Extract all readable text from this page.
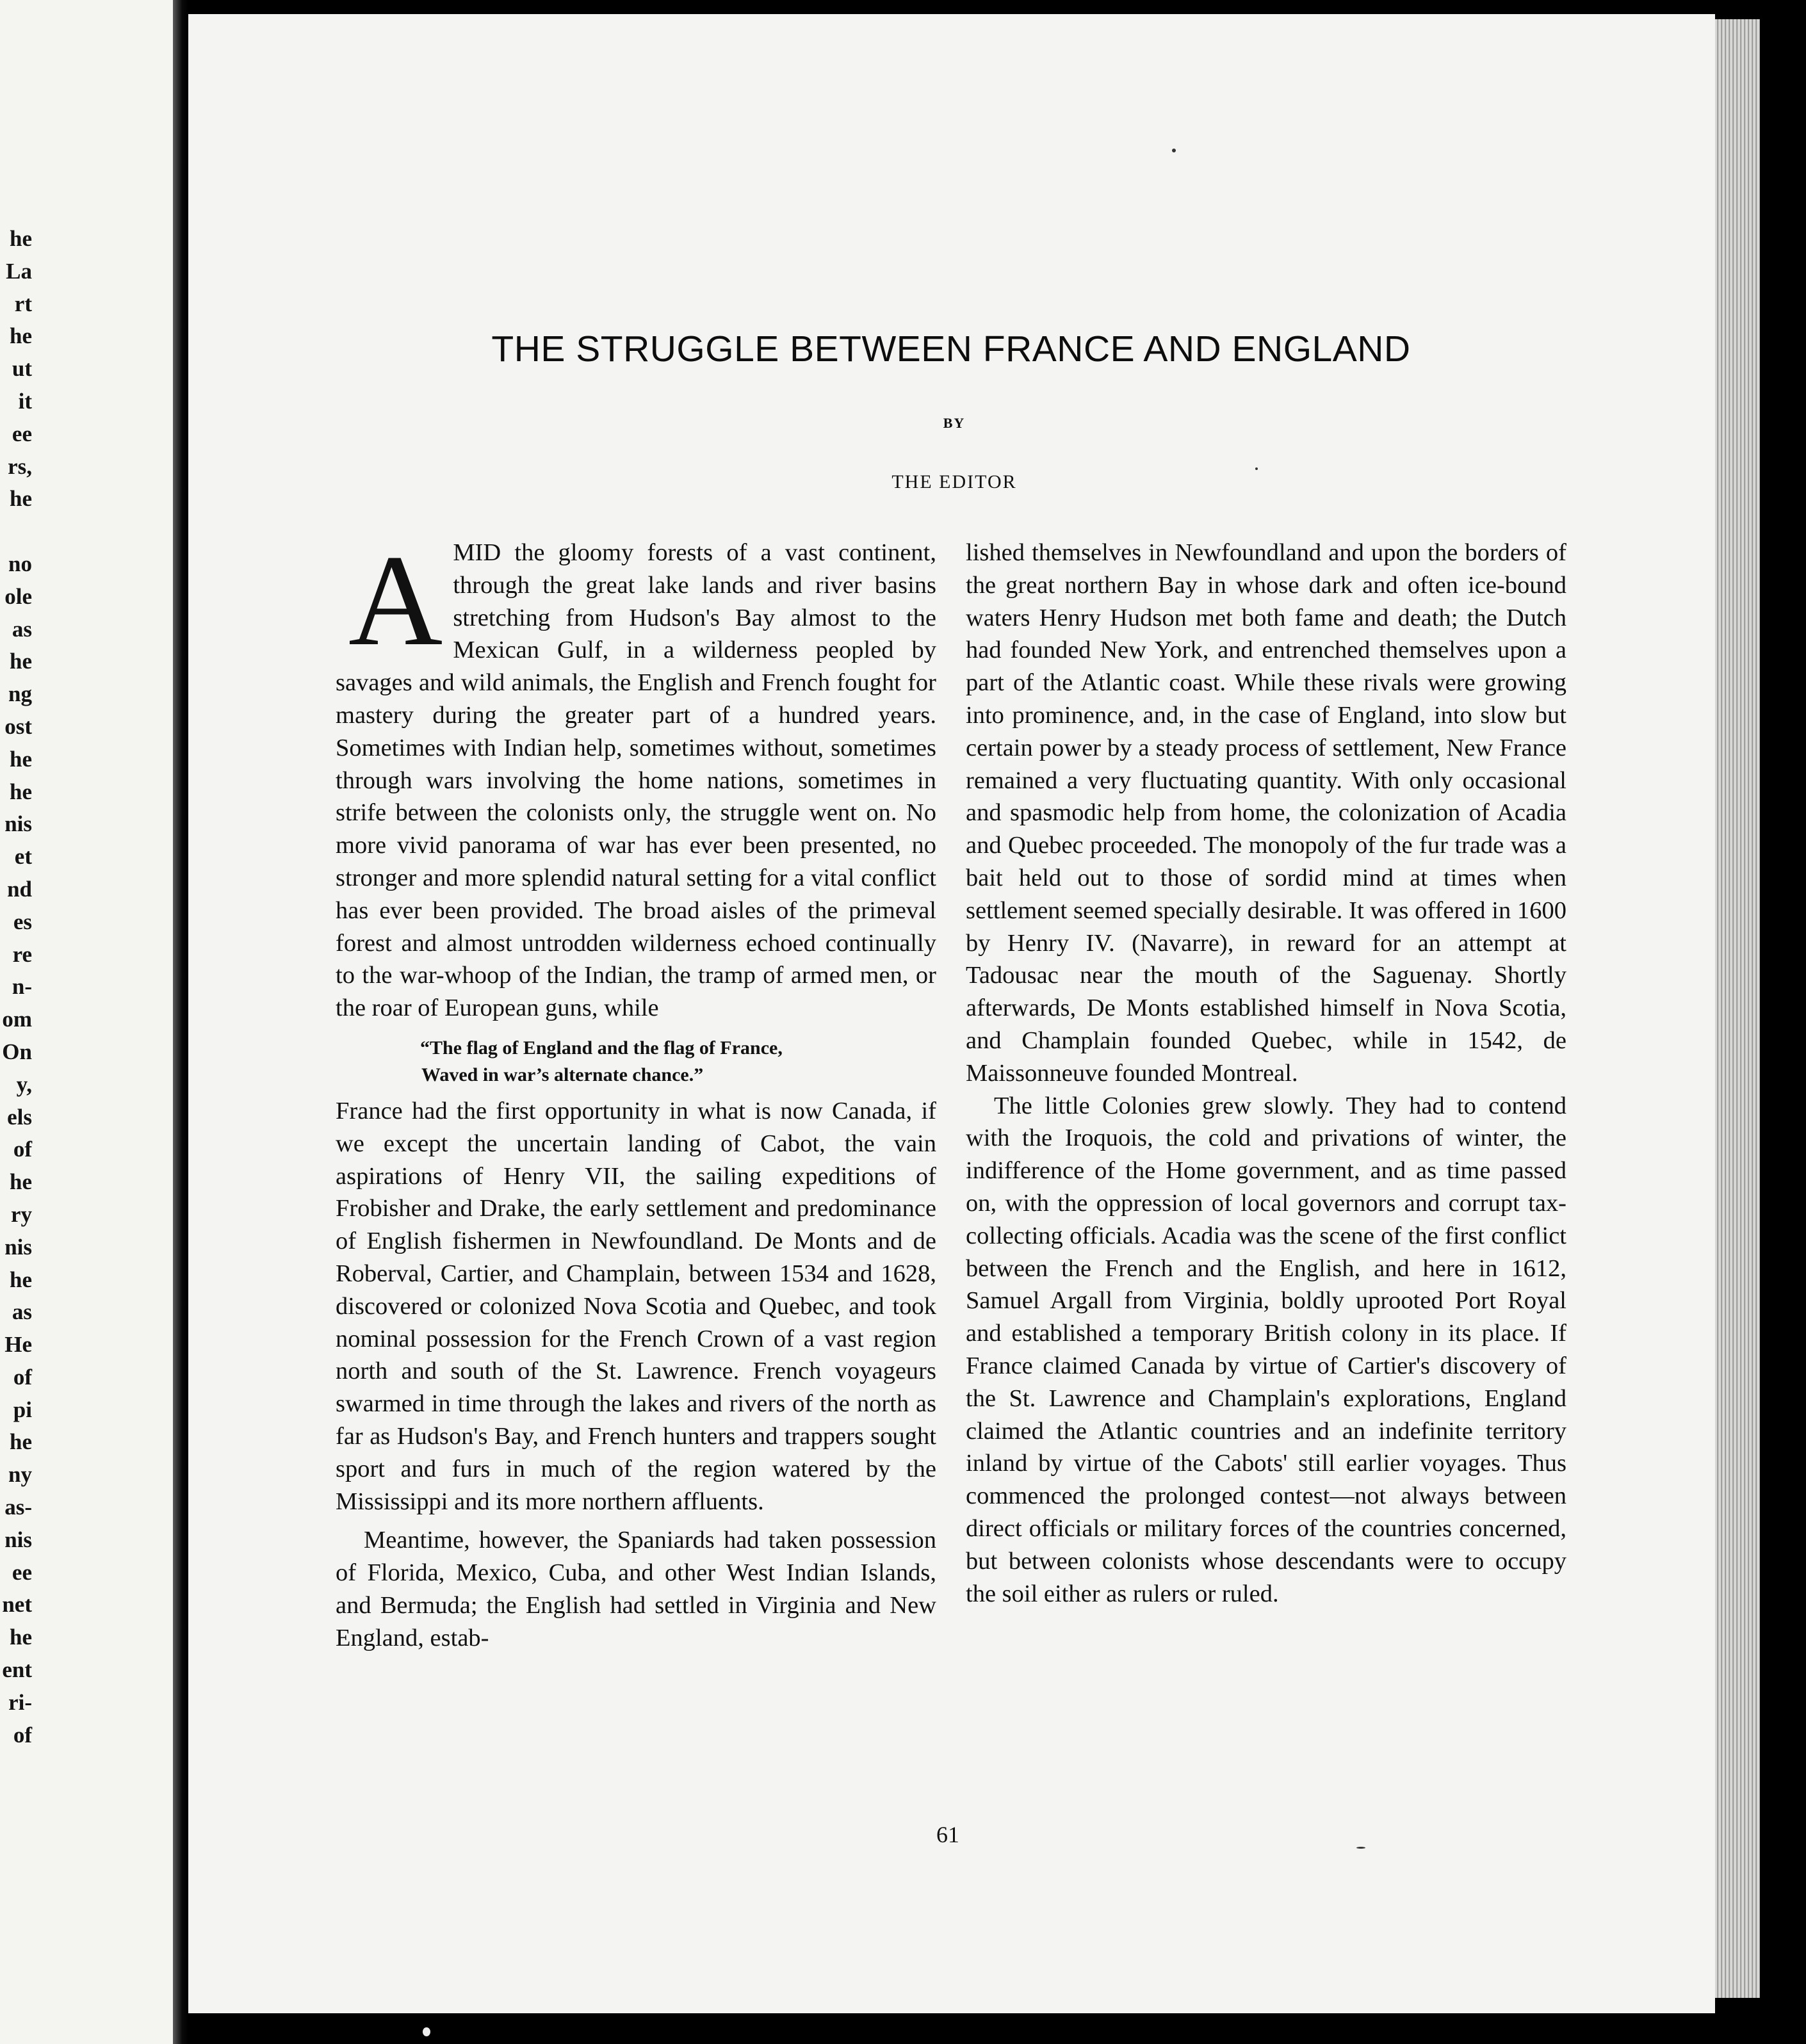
he
La
rt
he
ut
it
ee
rs,
he
no
ole
as
he
ng
ost
he
he
nis
et
nd
es
re
n-
om
On
y,
els
of
he
ry
nis
he
as
He
of
pi
he
ny
as-
nis
ee
net
he
ent
ri-
of
THE STRUGGLE BETWEEN FRANCE AND ENGLAND
BY
THE EDITOR

AMID the gloomy forests of a vast continent, through the great lake lands and river basins stretching from Hudson's Bay almost to the Mexican Gulf, in a wilderness peopled by savages and wild animals, the English and French fought for mastery during the greater part of a hundred years. Sometimes with Indian help, sometimes without, sometimes through wars involving the home nations, sometimes in strife between the colonists only, the struggle went on. No more vivid panorama of war has ever been presented, no stronger and more splendid natural setting for a vital conflict has ever been provided. The broad aisles of the primeval forest and almost untrodden wilderness echoed continually to the war-whoop of the Indian, the tramp of armed men, or the roar of European guns, while

“The flag of England and the flag of France,
Waved in war’s alternate chance.”

France had the first opportunity in what is now Canada, if we except the uncertain landing of Cabot, the vain aspirations of Henry VII, the sailing expeditions of Frobisher and Drake, the early settlement and predominance of English fishermen in Newfoundland. De Monts and de Roberval, Cartier, and Champlain, between 1534 and 1628, discovered or colonized Nova Scotia and Quebec, and took nominal possession for the French Crown of a vast region north and south of the St. Lawrence. French voyageurs swarmed in time through the lakes and rivers of the north as far as Hudson's Bay, and French hunters and trappers sought sport and furs in much of the region watered by the Mississippi and its more northern affluents.

Meantime, however, the Spaniards had taken possession of Florida, Mexico, Cuba, and other West Indian Islands, and Bermuda; the English had settled in Virginia and New England, estab-

lished themselves in Newfoundland and upon the borders of the great northern Bay in whose dark and often ice-bound waters Henry Hudson met both fame and death; the Dutch had founded New York, and entrenched themselves upon a part of the Atlantic coast. While these rivals were growing into prominence, and, in the case of England, into slow but certain power by a steady process of settlement, New France remained a very fluctuating quantity. With only occasional and spasmodic help from home, the colonization of Acadia and Quebec proceeded. The monopoly of the fur trade was a bait held out to those of sordid mind at times when settlement seemed specially desirable. It was offered in 1600 by Henry IV. (Navarre), in reward for an attempt at Tadousac near the mouth of the Saguenay. Shortly afterwards, De Monts established himself in Nova Scotia, and Champlain founded Quebec, while in 1542, de Maissonneuve founded Montreal.

The little Colonies grew slowly. They had to contend with the Iroquois, the cold and privations of winter, the indifference of the Home government, and as time passed on, with the oppression of local governors and corrupt tax-collecting officials. Acadia was the scene of the first conflict between the French and the English, and here in 1612, Samuel Argall from Virginia, boldly uprooted Port Royal and established a temporary British colony in its place. If France claimed Canada by virtue of Cartier's discovery of the St. Lawrence and Champlain's explorations, England claimed the Atlantic countries and an indefinite territory inland by virtue of the Cabots' still earlier voyages. Thus commenced the prolonged contest—not always between direct officials or military forces of the countries concerned, but between colonists whose descendants were to occupy the soil either as rulers or ruled.

61
